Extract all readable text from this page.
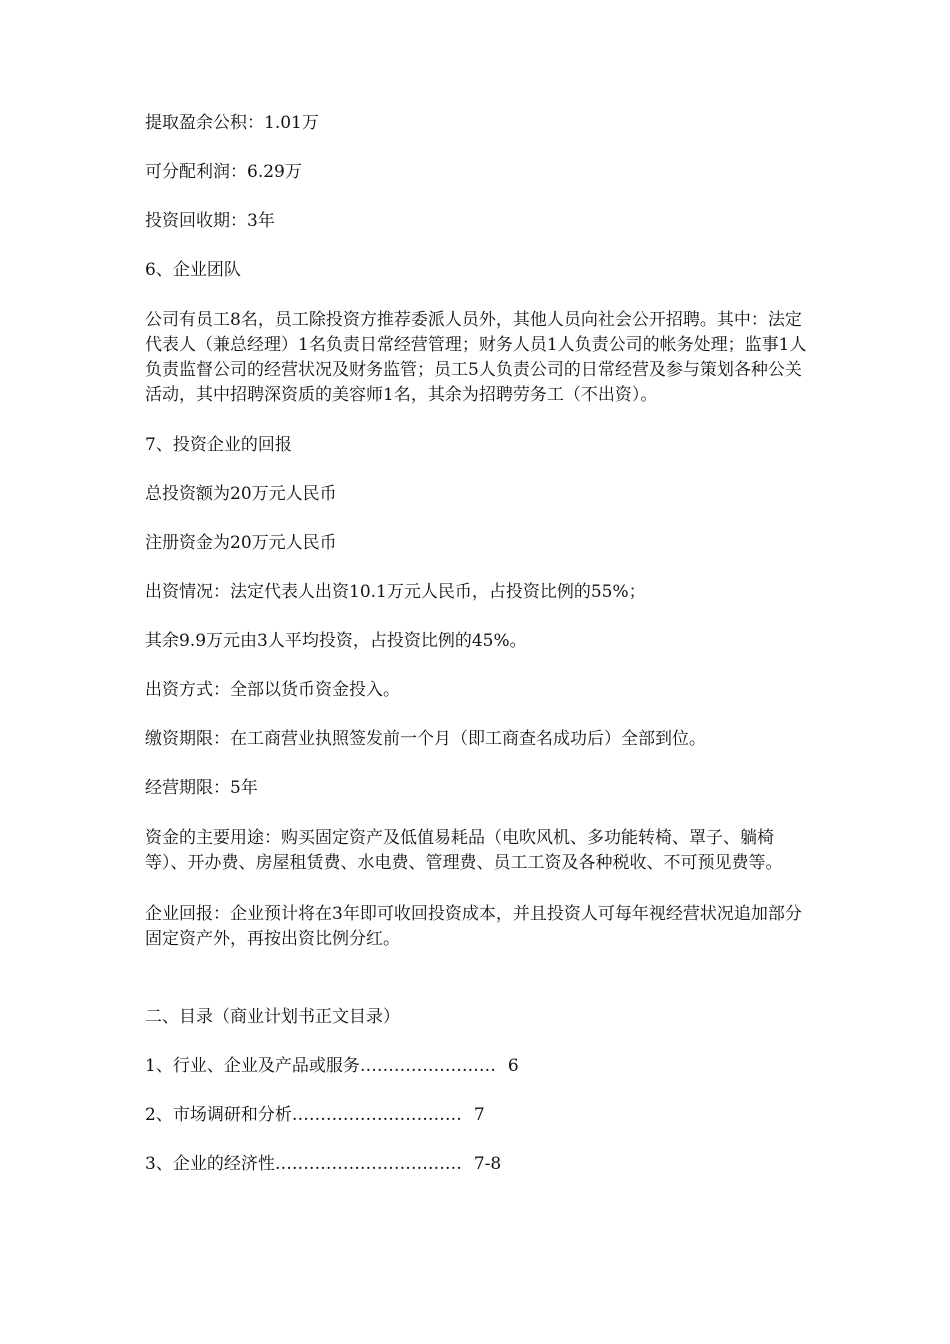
提取盈余公积：1.01万

可分配利润：6.29万

投资回收期：3年

6、企业团队

公司有员工8名，员工除投资方推荐委派人员外，其他人员向社会公开招聘。其中：法定代表人（兼总经理）1名负责日常经营管理；财务人员1人负责公司的帐务处理；监事1人负责监督公司的经营状况及财务监管；员工5人负责公司的日常经营及参与策划各种公关活动，其中招聘深资质的美容师1名，其余为招聘劳务工（不出资）。

7、投资企业的回报

总投资额为20万元人民币

注册资金为20万元人民币

出资情况：法定代表人出资10.1万元人民币，占投资比例的55%；

其余9.9万元由3人平均投资，占投资比例的45%。

出资方式：全部以货币资金投入。

缴资期限：在工商营业执照签发前一个月（即工商查名成功后）全部到位。

经营期限：5年

资金的主要用途：购买固定资产及低值易耗品（电吹风机、多功能转椅、罩子、躺椅等）、开办费、房屋租赁费、水电费、管理费、员工工资及各种税收、不可预见费等。

企业回报：企业预计将在3年即可收回投资成本，并且投资人可每年视经营状况追加部分固定资产外，再按出资比例分红。

二、目录（商业计划书正文目录）

1、行业、企业及产品或服务 …………………… 6
2、市场调研和分析 ………………………… 7
3、企业的经济性 …………………………… 7-8
